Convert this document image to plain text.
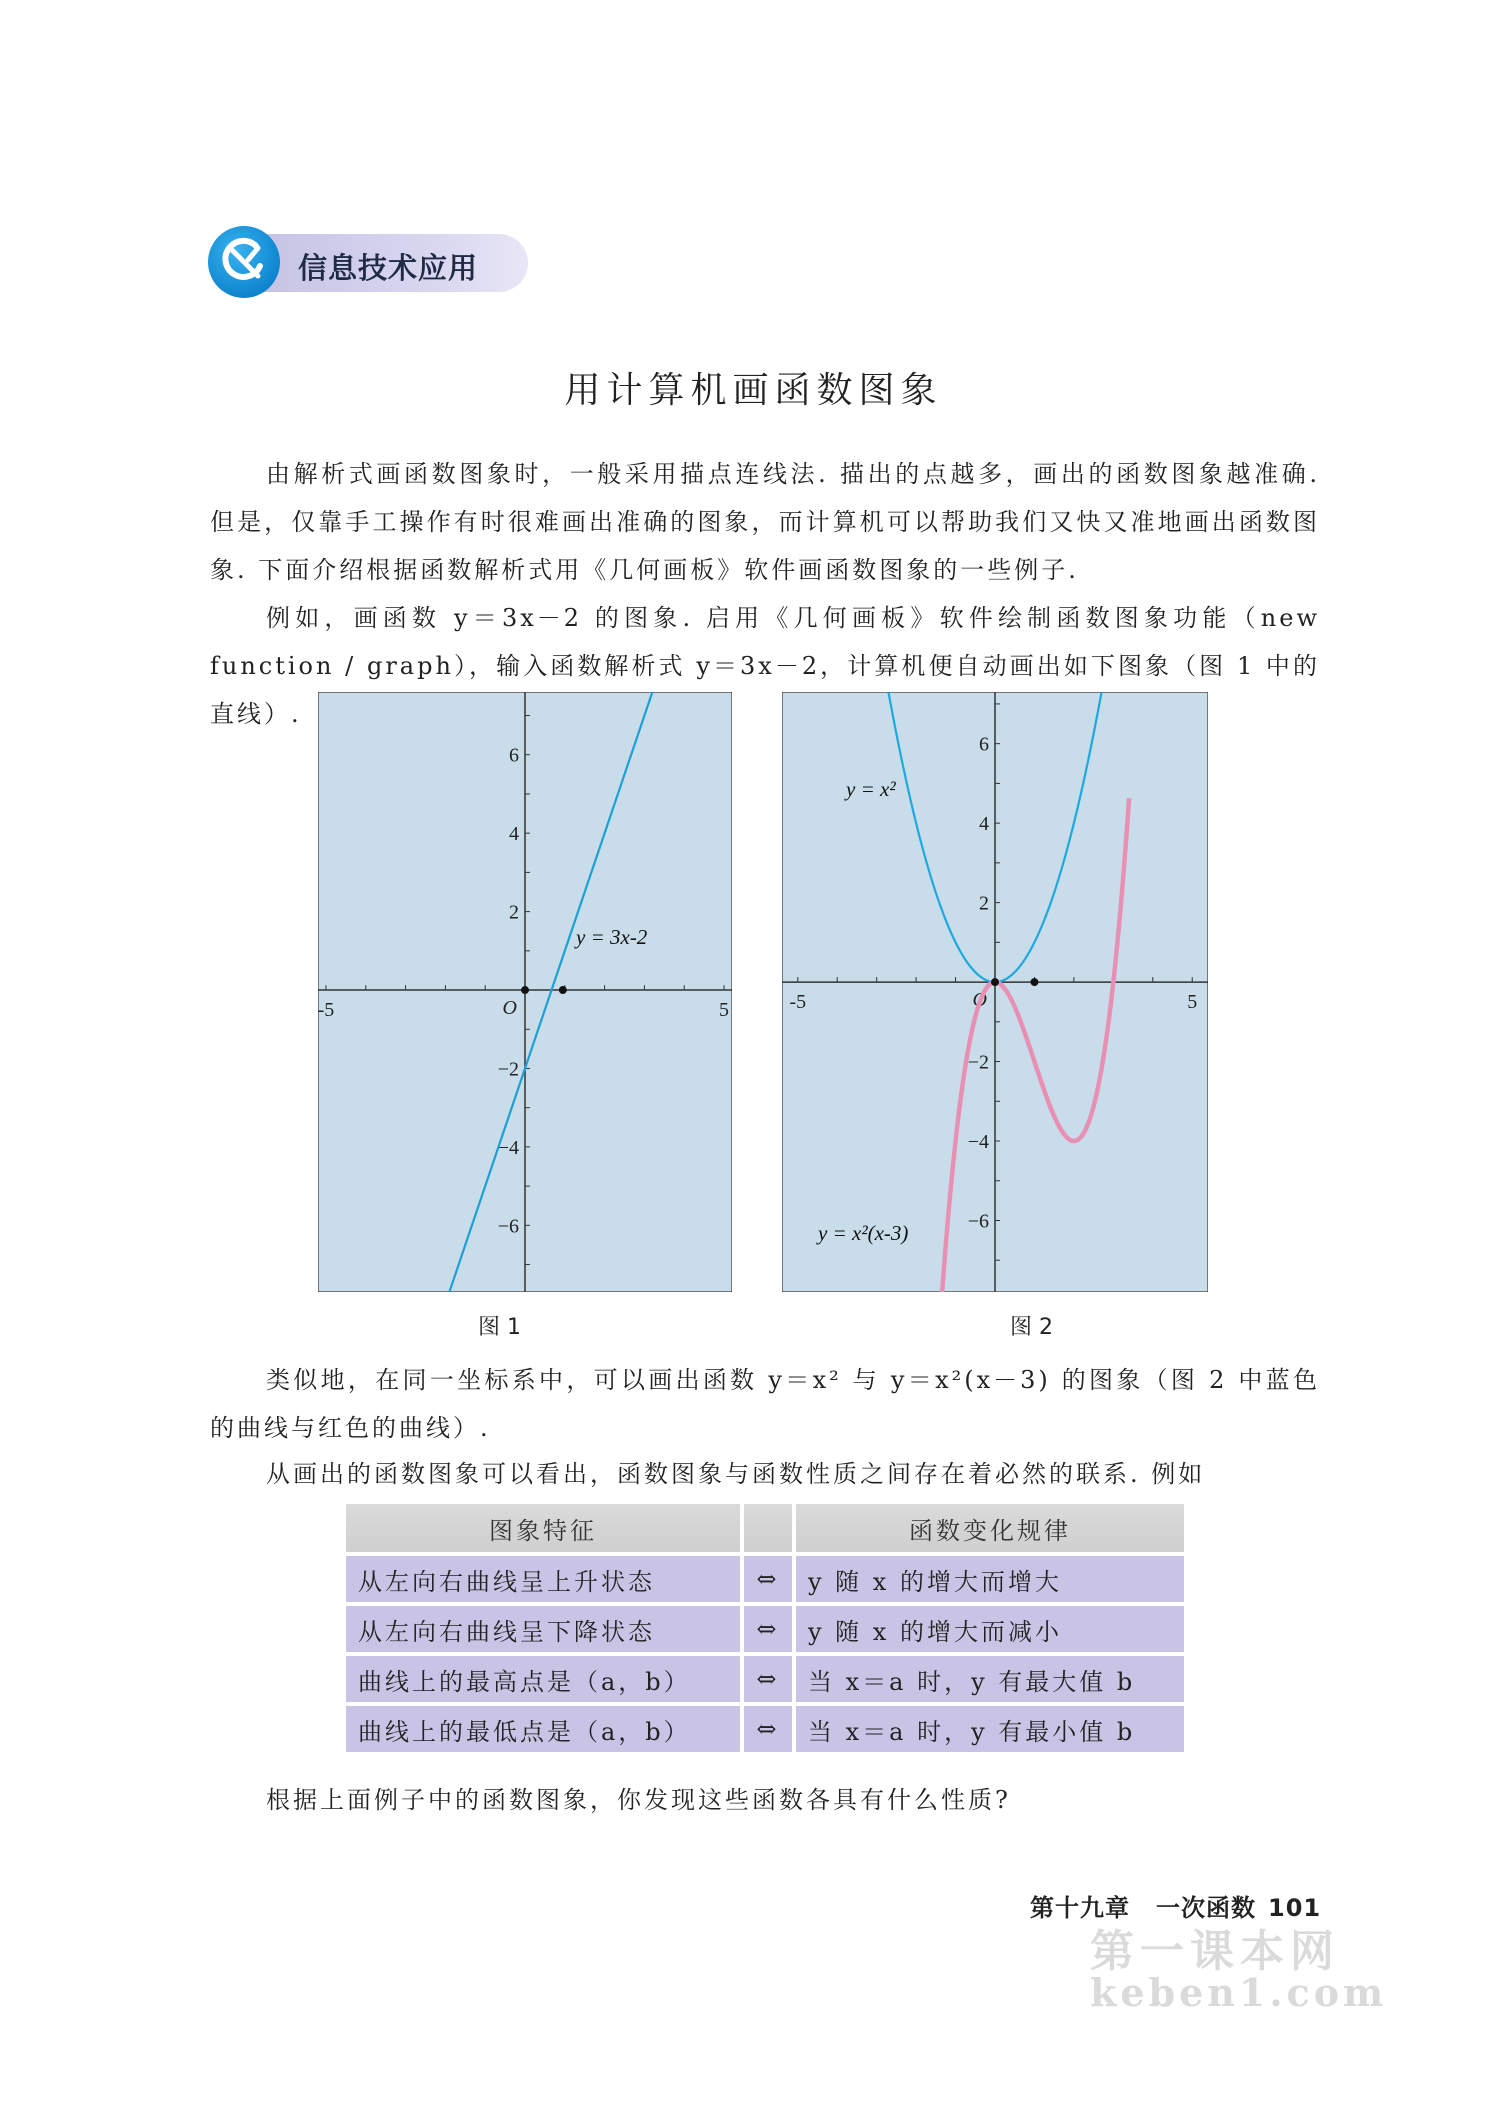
信息技术应用
用计算机画函数图象

由解析式画函数图象时，一般采用描点连线法. 描出的点越多，画出的函数图象越准确. 但是，仅靠手工操作有时很难画出准确的图象，而计算机可以帮助我们又快又准地画出函数图象. 下面介绍根据函数解析式用《几何画板》软件画函数图象的一些例子.

例如，画函数 y＝3x－2 的图象. 启用《几何画板》软件绘制函数图象功能（new function / graph），输入函数解析式 y＝3x－2，计算机便自动画出如下图象（图 1 中的直线）.

-5	5
−6
−4
−2
2
4
6
O
y = 3x-2
图 1
-5	5
−6
−4
−2
2
4
6
O
y = x²
y = x²(x-3)
图 2

类似地，在同一坐标系中，可以画出函数 y＝x² 与 y＝x²(x－3) 的图象（图 2 中蓝色的曲线与红色的曲线）.

从画出的函数图象可以看出，函数图象与函数性质之间存在着必然的联系. 例如

图象特征		函数变化规律
从左向右曲线呈上升状态	⇔	y 随 x 的增大而增大
从左向右曲线呈下降状态	⇔	y 随 x 的增大而减小
曲线上的最高点是（a，b）	⇔	当 x＝a 时，y 有最大值 b
曲线上的最低点是（a，b）	⇔	当 x＝a 时，y 有最小值 b

根据上面例子中的函数图象，你发现这些函数各具有什么性质?

第十九章 一次函数 101
第一课本网
keben1.com
